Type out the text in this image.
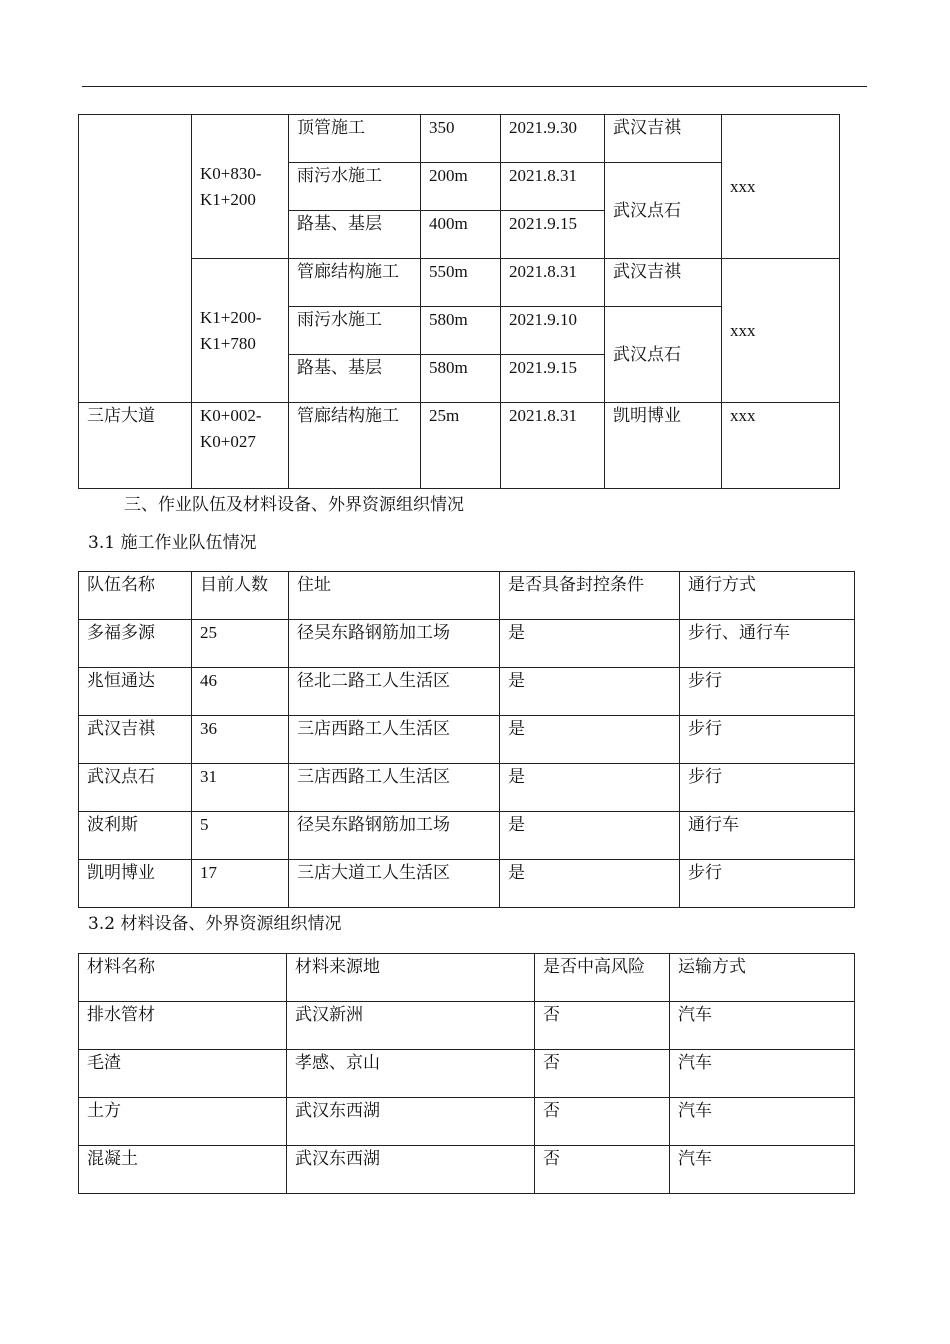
	K0+830-K1+200	顶管施工	350	2021.9.30	武汉吉祺	xxx
		雨污水施工	200m	2021.8.31	武汉点石	
		路基、基层	400m	2021.9.15		
	K1+200-K1+780	管廊结构施工	550m	2021.8.31	武汉吉祺	xxx
		雨污水施工	580m	2021.9.10	武汉点石	
		路基、基层	580m	2021.9.15		
三店大道	K0+002-K0+027	管廊结构施工	25m	2021.8.31	凯明博业	xxx
三、作业队伍及材料设备、外界资源组织情况
3.1 施工作业队伍情况
队伍名称	目前人数	住址	是否具备封控条件	通行方式
多福多源	25	径吴东路钢筋加工场	是	步行、通行车
兆恒通达	46	径北二路工人生活区	是	步行
武汉吉祺	36	三店西路工人生活区	是	步行
武汉点石	31	三店西路工人生活区	是	步行
波利斯	5	径吴东路钢筋加工场	是	通行车
凯明博业	17	三店大道工人生活区	是	步行
3.2 材料设备、外界资源组织情况
材料名称	材料来源地	是否中高风险	运输方式
排水管材	武汉新洲	否	汽车
毛渣	孝感、京山	否	汽车
土方	武汉东西湖	否	汽车
混凝土	武汉东西湖	否	汽车
